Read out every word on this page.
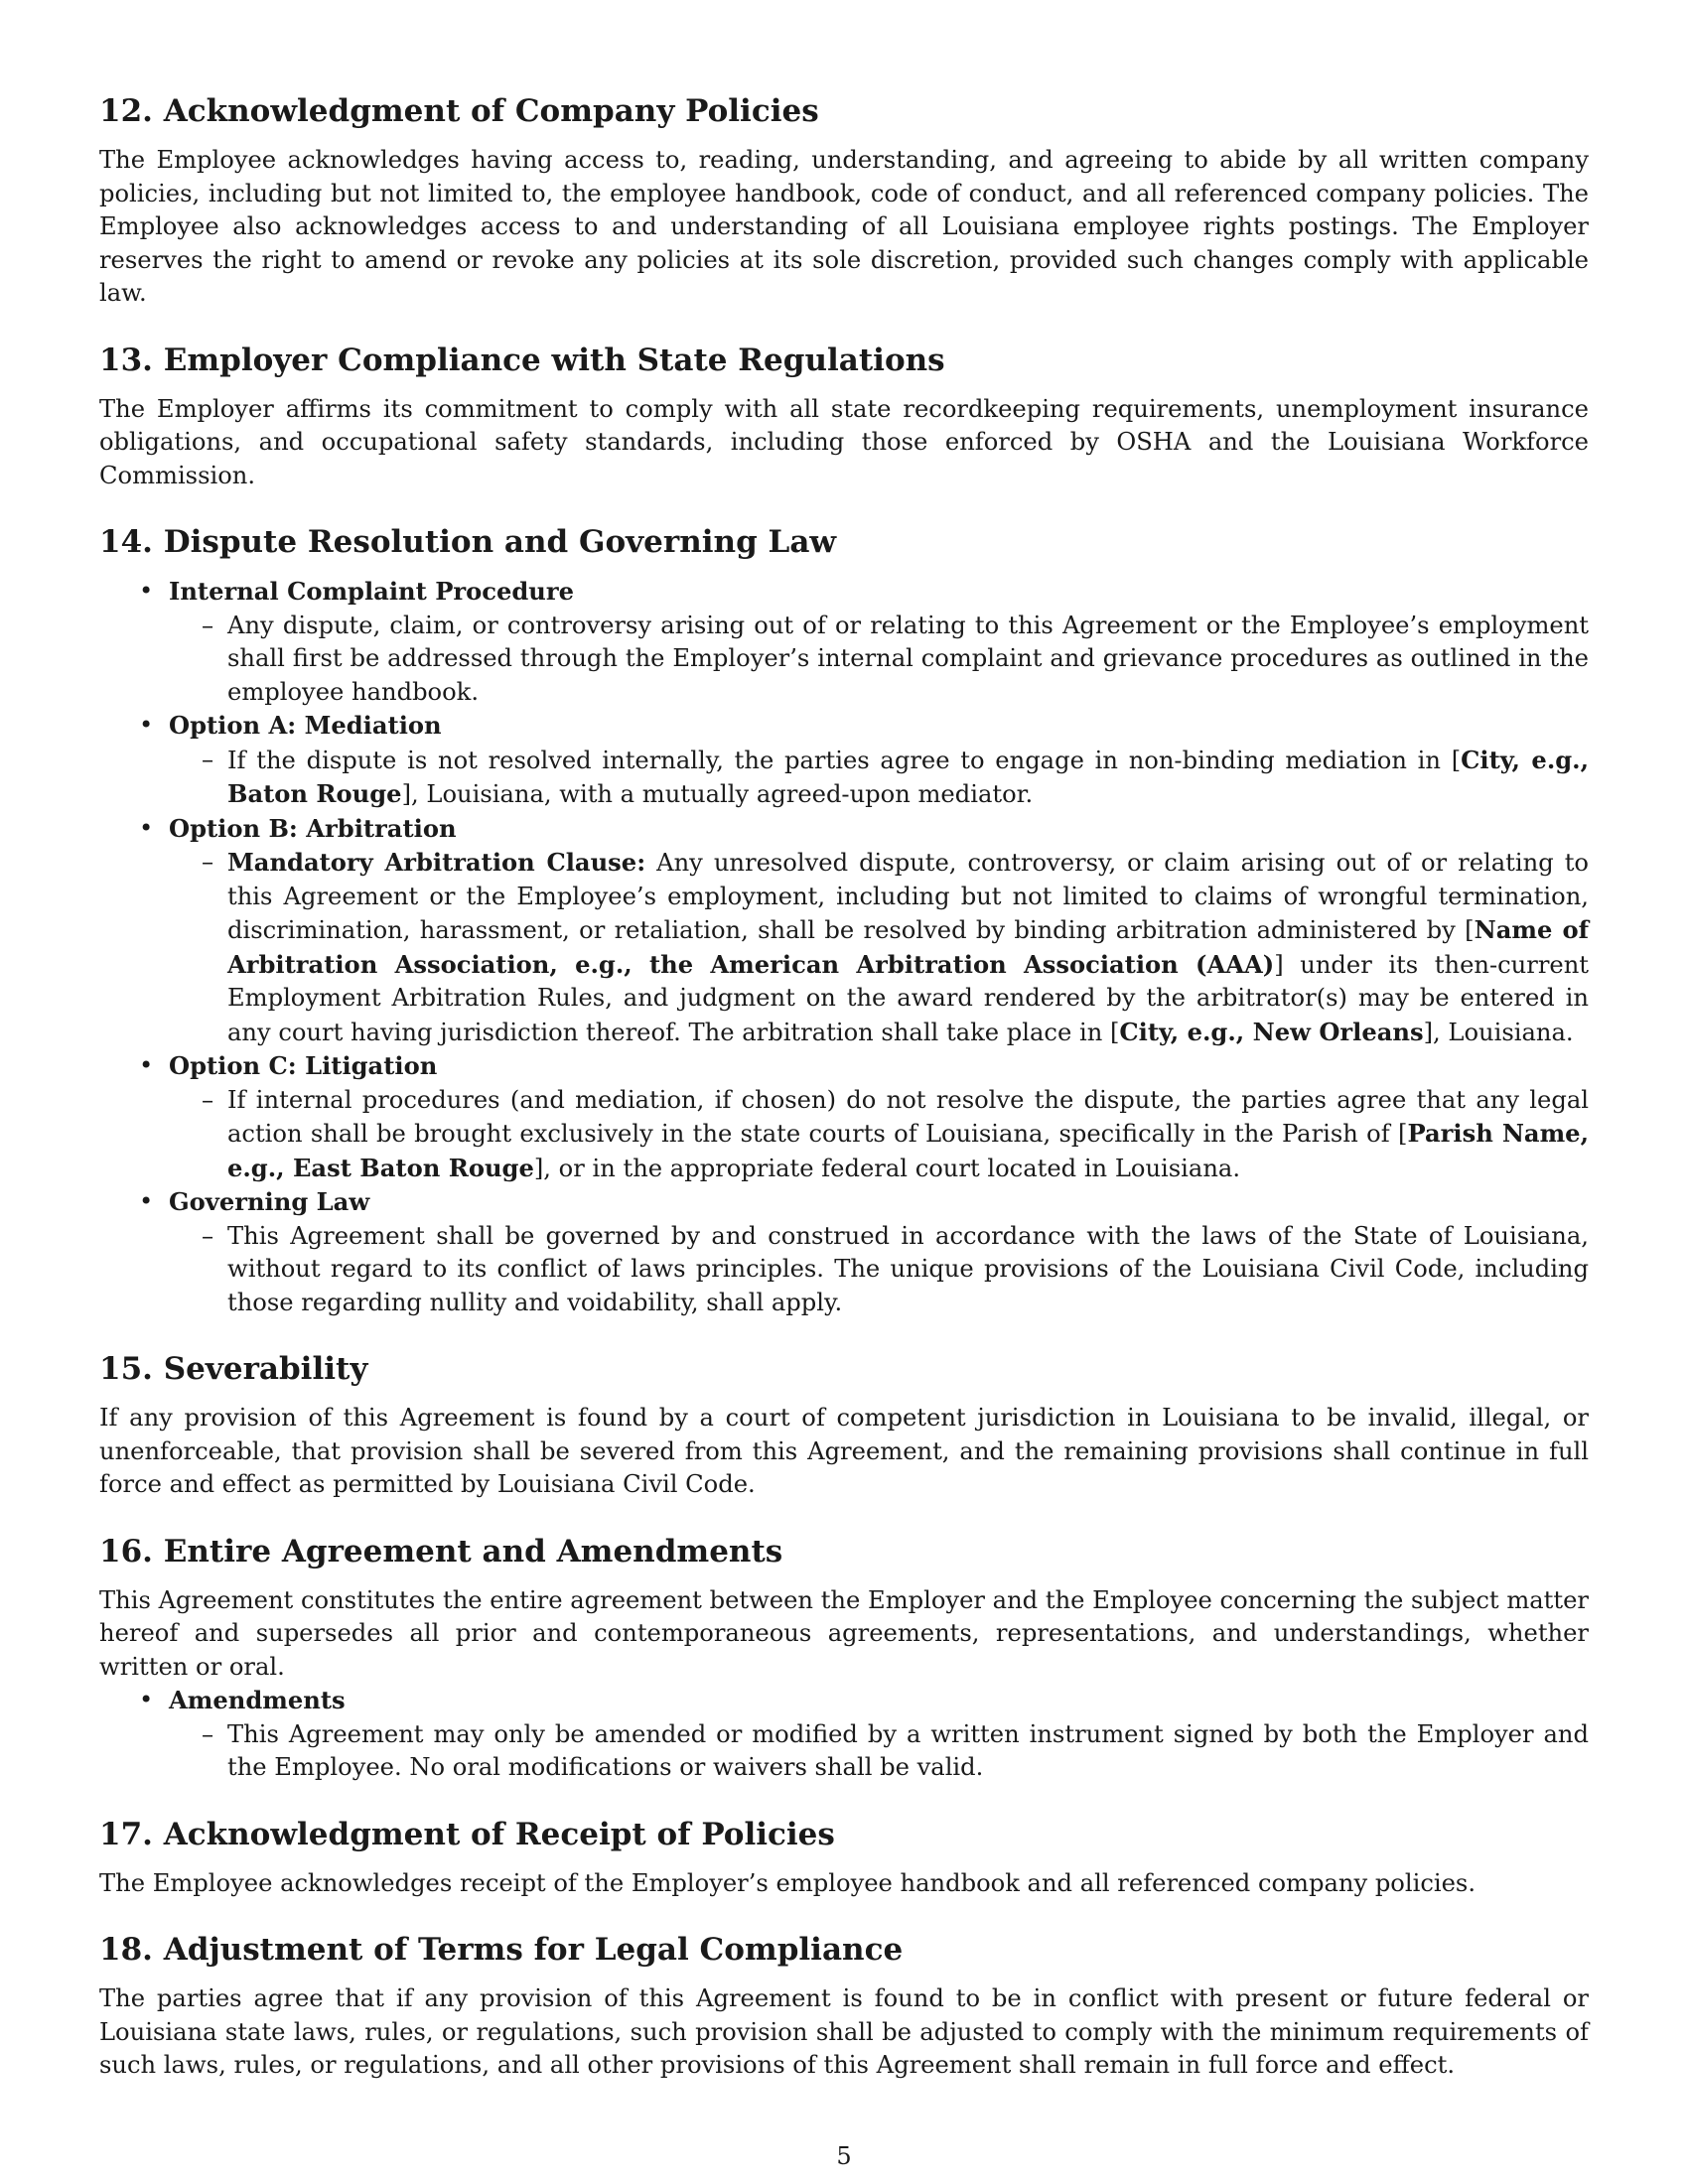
12. Acknowledgment of Company Policies

The Employee acknowledges having access to, reading, understanding, and agreeing to abide by all written company policies, including but not limited to, the employee handbook, code of conduct, and all referenced company policies. The Employee also acknowledges access to and understanding of all Louisiana employee rights postings. The Employer reserves the right to amend or revoke any policies at its sole discretion, provided such changes comply with applicable law.

13. Employer Compliance with State Regulations

The Employer affirms its commitment to comply with all state recordkeeping requirements, unemployment insurance obligations, and occupational safety standards, including those enforced by OSHA and the Louisiana Workforce Commission.

14. Dispute Resolution and Governing Law
• Internal Complaint Procedure
– Any dispute, claim, or controversy arising out of or relating to this Agreement or the Employee’s employment shall first be addressed through the Employer’s internal complaint and grievance procedures as outlined in the employee handbook.
• Option A: Mediation
– If the dispute is not resolved internally, the parties agree to engage in non-binding mediation in [City, e.g., Baton Rouge], Louisiana, with a mutually agreed-upon mediator.
• Option B: Arbitration
– Mandatory Arbitration Clause: Any unresolved dispute, controversy, or claim arising out of or relating to this Agreement or the Employee’s employment, including but not limited to claims of wrongful termination, discrimination, harassment, or retaliation, shall be resolved by binding arbitration administered by [Name of Arbitration Association, e.g., the American Arbitration Association (AAA)] under its then-current Employment Arbitration Rules, and judgment on the award rendered by the arbitrator(s) may be entered in any court having jurisdiction thereof. The arbitration shall take place in [City, e.g., New Orleans], Louisiana.
• Option C: Litigation
– If internal procedures (and mediation, if chosen) do not resolve the dispute, the parties agree that any legal action shall be brought exclusively in the state courts of Louisiana, specifically in the Parish of [Parish Name, e.g., East Baton Rouge], or in the appropriate federal court located in Louisiana.
• Governing Law
– This Agreement shall be governed by and construed in accordance with the laws of the State of Louisiana, without regard to its conflict of laws principles. The unique provisions of the Louisiana Civil Code, including those regarding nullity and voidability, shall apply.
15. Severability

If any provision of this Agreement is found by a court of competent jurisdiction in Louisiana to be invalid, illegal, or unenforceable, that provision shall be severed from this Agreement, and the remaining provisions shall continue in full force and effect as permitted by Louisiana Civil Code.

16. Entire Agreement and Amendments

This Agreement constitutes the entire agreement between the Employer and the Employee concerning the subject matter hereof and supersedes all prior and contemporaneous agreements, representations, and understandings, whether written or oral.

• Amendments
– This Agreement may only be amended or modified by a written instrument signed by both the Employer and the Employee. No oral modifications or waivers shall be valid.
17. Acknowledgment of Receipt of Policies

The Employee acknowledges receipt of the Employer’s employee handbook and all referenced company policies.

18. Adjustment of Terms for Legal Compliance

The parties agree that if any provision of this Agreement is found to be in conflict with present or future federal or Louisiana state laws, rules, or regulations, such provision shall be adjusted to comply with the minimum requirements of such laws, rules, or regulations, and all other provisions of this Agreement shall remain in full force and effect.

5
